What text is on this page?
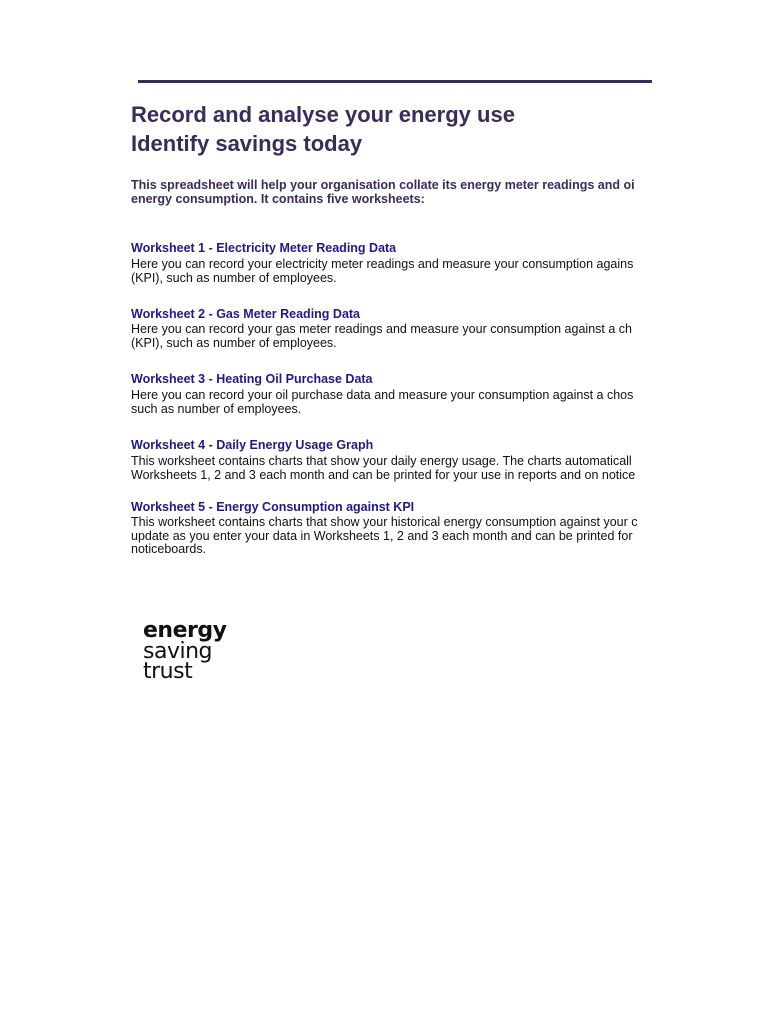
Record and analyse your energy use
Identify savings today
This spreadsheet will help your organisation collate its energy meter readings and oi
energy consumption. It contains five worksheets:
Worksheet 1 - Electricity Meter Reading Data
Here you can record your electricity meter readings and measure your consumption agains
(KPI), such as number of employees.
Worksheet 2 - Gas Meter Reading Data
Here you can record your gas meter readings and measure your consumption against a ch
(KPI), such as number of employees.
Worksheet 3 - Heating Oil Purchase Data
Here you can record your oil purchase data and measure your consumption against a chos
such as number of employees.
Worksheet 4 - Daily Energy Usage Graph
This worksheet contains charts that show your daily energy usage. The charts automaticall
Worksheets 1, 2 and 3 each month and can be printed for your use in reports and on notice
Worksheet 5 - Energy Consumption against KPI
This worksheet contains charts that show your historical energy consumption against your c
update as you enter your data in Worksheets 1, 2 and 3 each month and can be printed for
noticeboards.
energy
saving
trust
